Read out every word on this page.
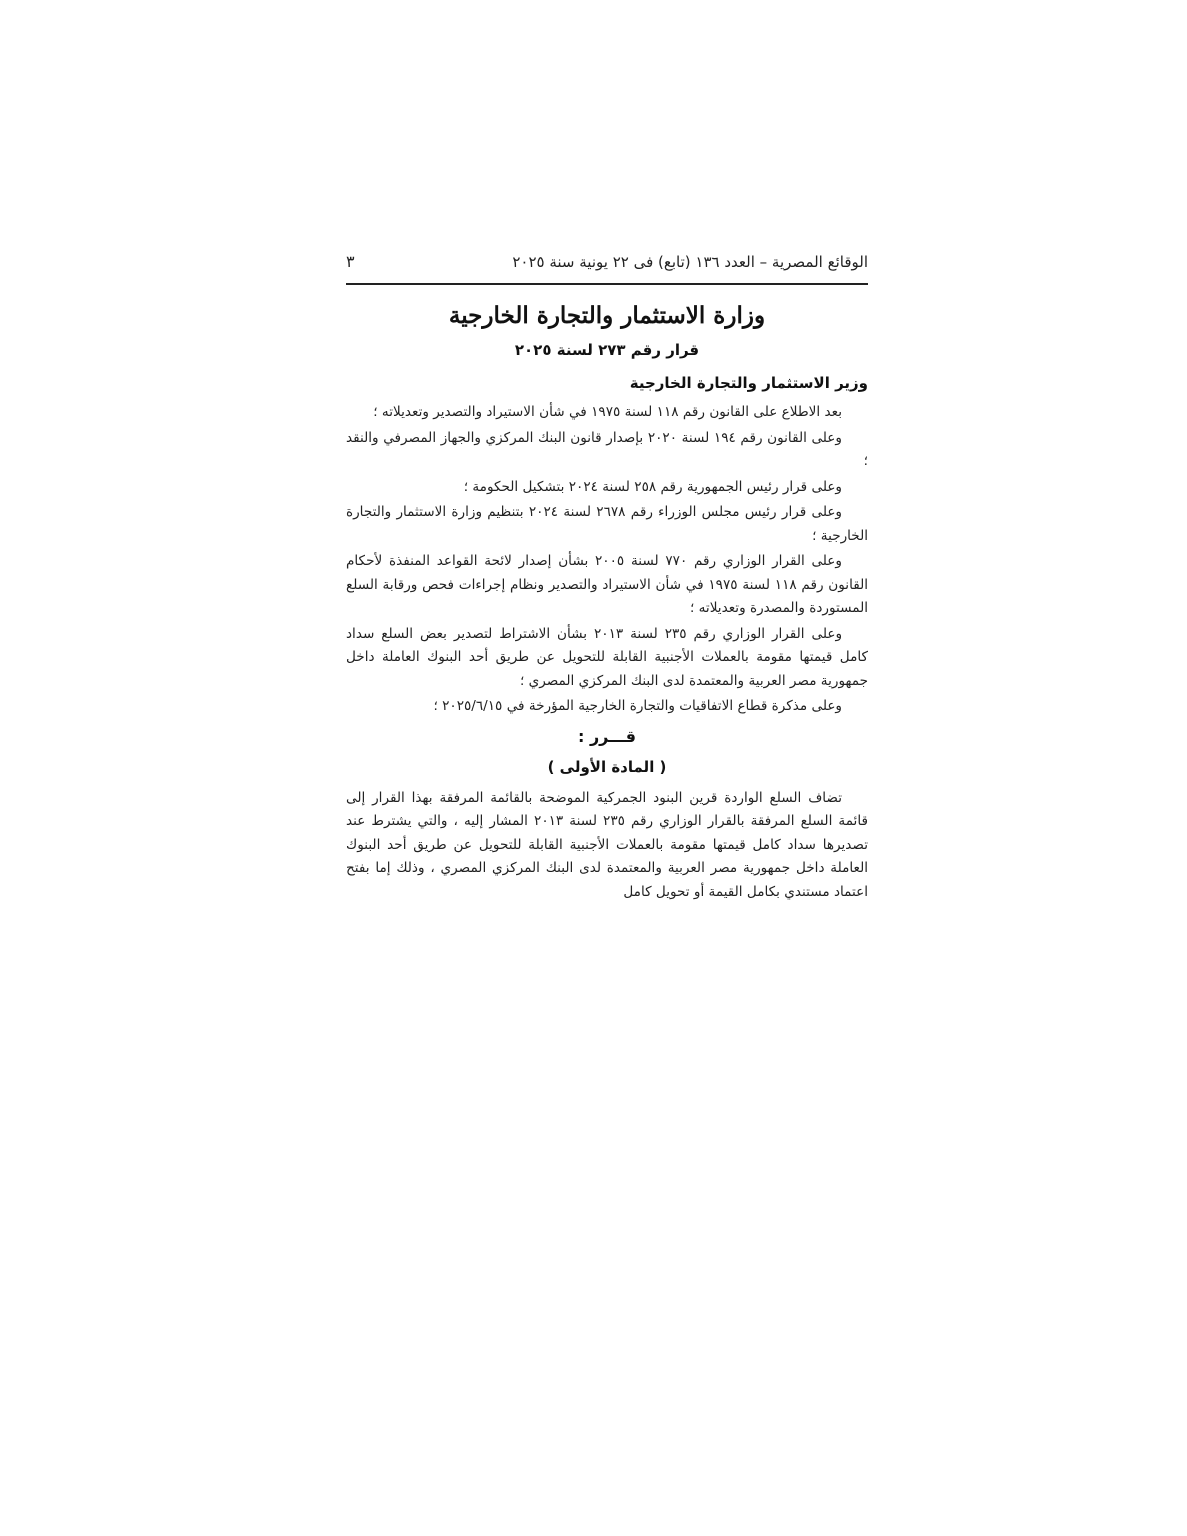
الوقائع المصرية – العدد ١٣٦ (تابع) فى ٢٢ يونية سنة ٢٠٢٥
٣
وزارة الاستثمار والتجارة الخارجية
قرار رقم ٢٧٣ لسنة ٢٠٢٥
وزير الاستثمار والتجارة الخارجية

بعد الاطلاع على القانون رقم ١١٨ لسنة ١٩٧٥ في شأن الاستيراد والتصدير وتعديلاته ؛

وعلى القانون رقم ١٩٤ لسنة ٢٠٢٠ بإصدار قانون البنك المركزي والجهاز المصرفي والنقد ؛

وعلى قرار رئيس الجمهورية رقم ٢٥٨ لسنة ٢٠٢٤ بتشكيل الحكومة ؛

وعلى قرار رئيس مجلس الوزراء رقم ٢٦٧٨ لسنة ٢٠٢٤ بتنظيم وزارة الاستثمار والتجارة الخارجية ؛

وعلى القرار الوزاري رقم ٧٧٠ لسنة ٢٠٠٥ بشأن إصدار لائحة القواعد المنفذة لأحكام القانون رقم ١١٨ لسنة ١٩٧٥ في شأن الاستيراد والتصدير ونظام إجراءات فحص ورقابة السلع المستوردة والمصدرة وتعديلاته ؛

وعلى القرار الوزاري رقم ٢٣٥ لسنة ٢٠١٣ بشأن الاشتراط لتصدير بعض السلع سداد كامل قيمتها مقومة بالعملات الأجنبية القابلة للتحويل عن طريق أحد البنوك العاملة داخل جمهورية مصر العربية والمعتمدة لدى البنك المركزي المصري ؛

وعلى مذكرة قطاع الاتفاقيات والتجارة الخارجية المؤرخة في ٢٠٢٥/٦/١٥ ؛

قـــرر :
( المادة الأولى )

تضاف السلع الواردة قرين البنود الجمركية الموضحة بالقائمة المرفقة بهذا القرار إلى قائمة السلع المرفقة بالقرار الوزاري رقم ٢٣٥ لسنة ٢٠١٣ المشار إليه ، والتي يشترط عند تصديرها سداد كامل قيمتها مقومة بالعملات الأجنبية القابلة للتحويل عن طريق أحد البنوك العاملة داخل جمهورية مصر العربية والمعتمدة لدى البنك المركزي المصري ، وذلك إما بفتح اعتماد مستندي بكامل القيمة أو تحويل كامل
